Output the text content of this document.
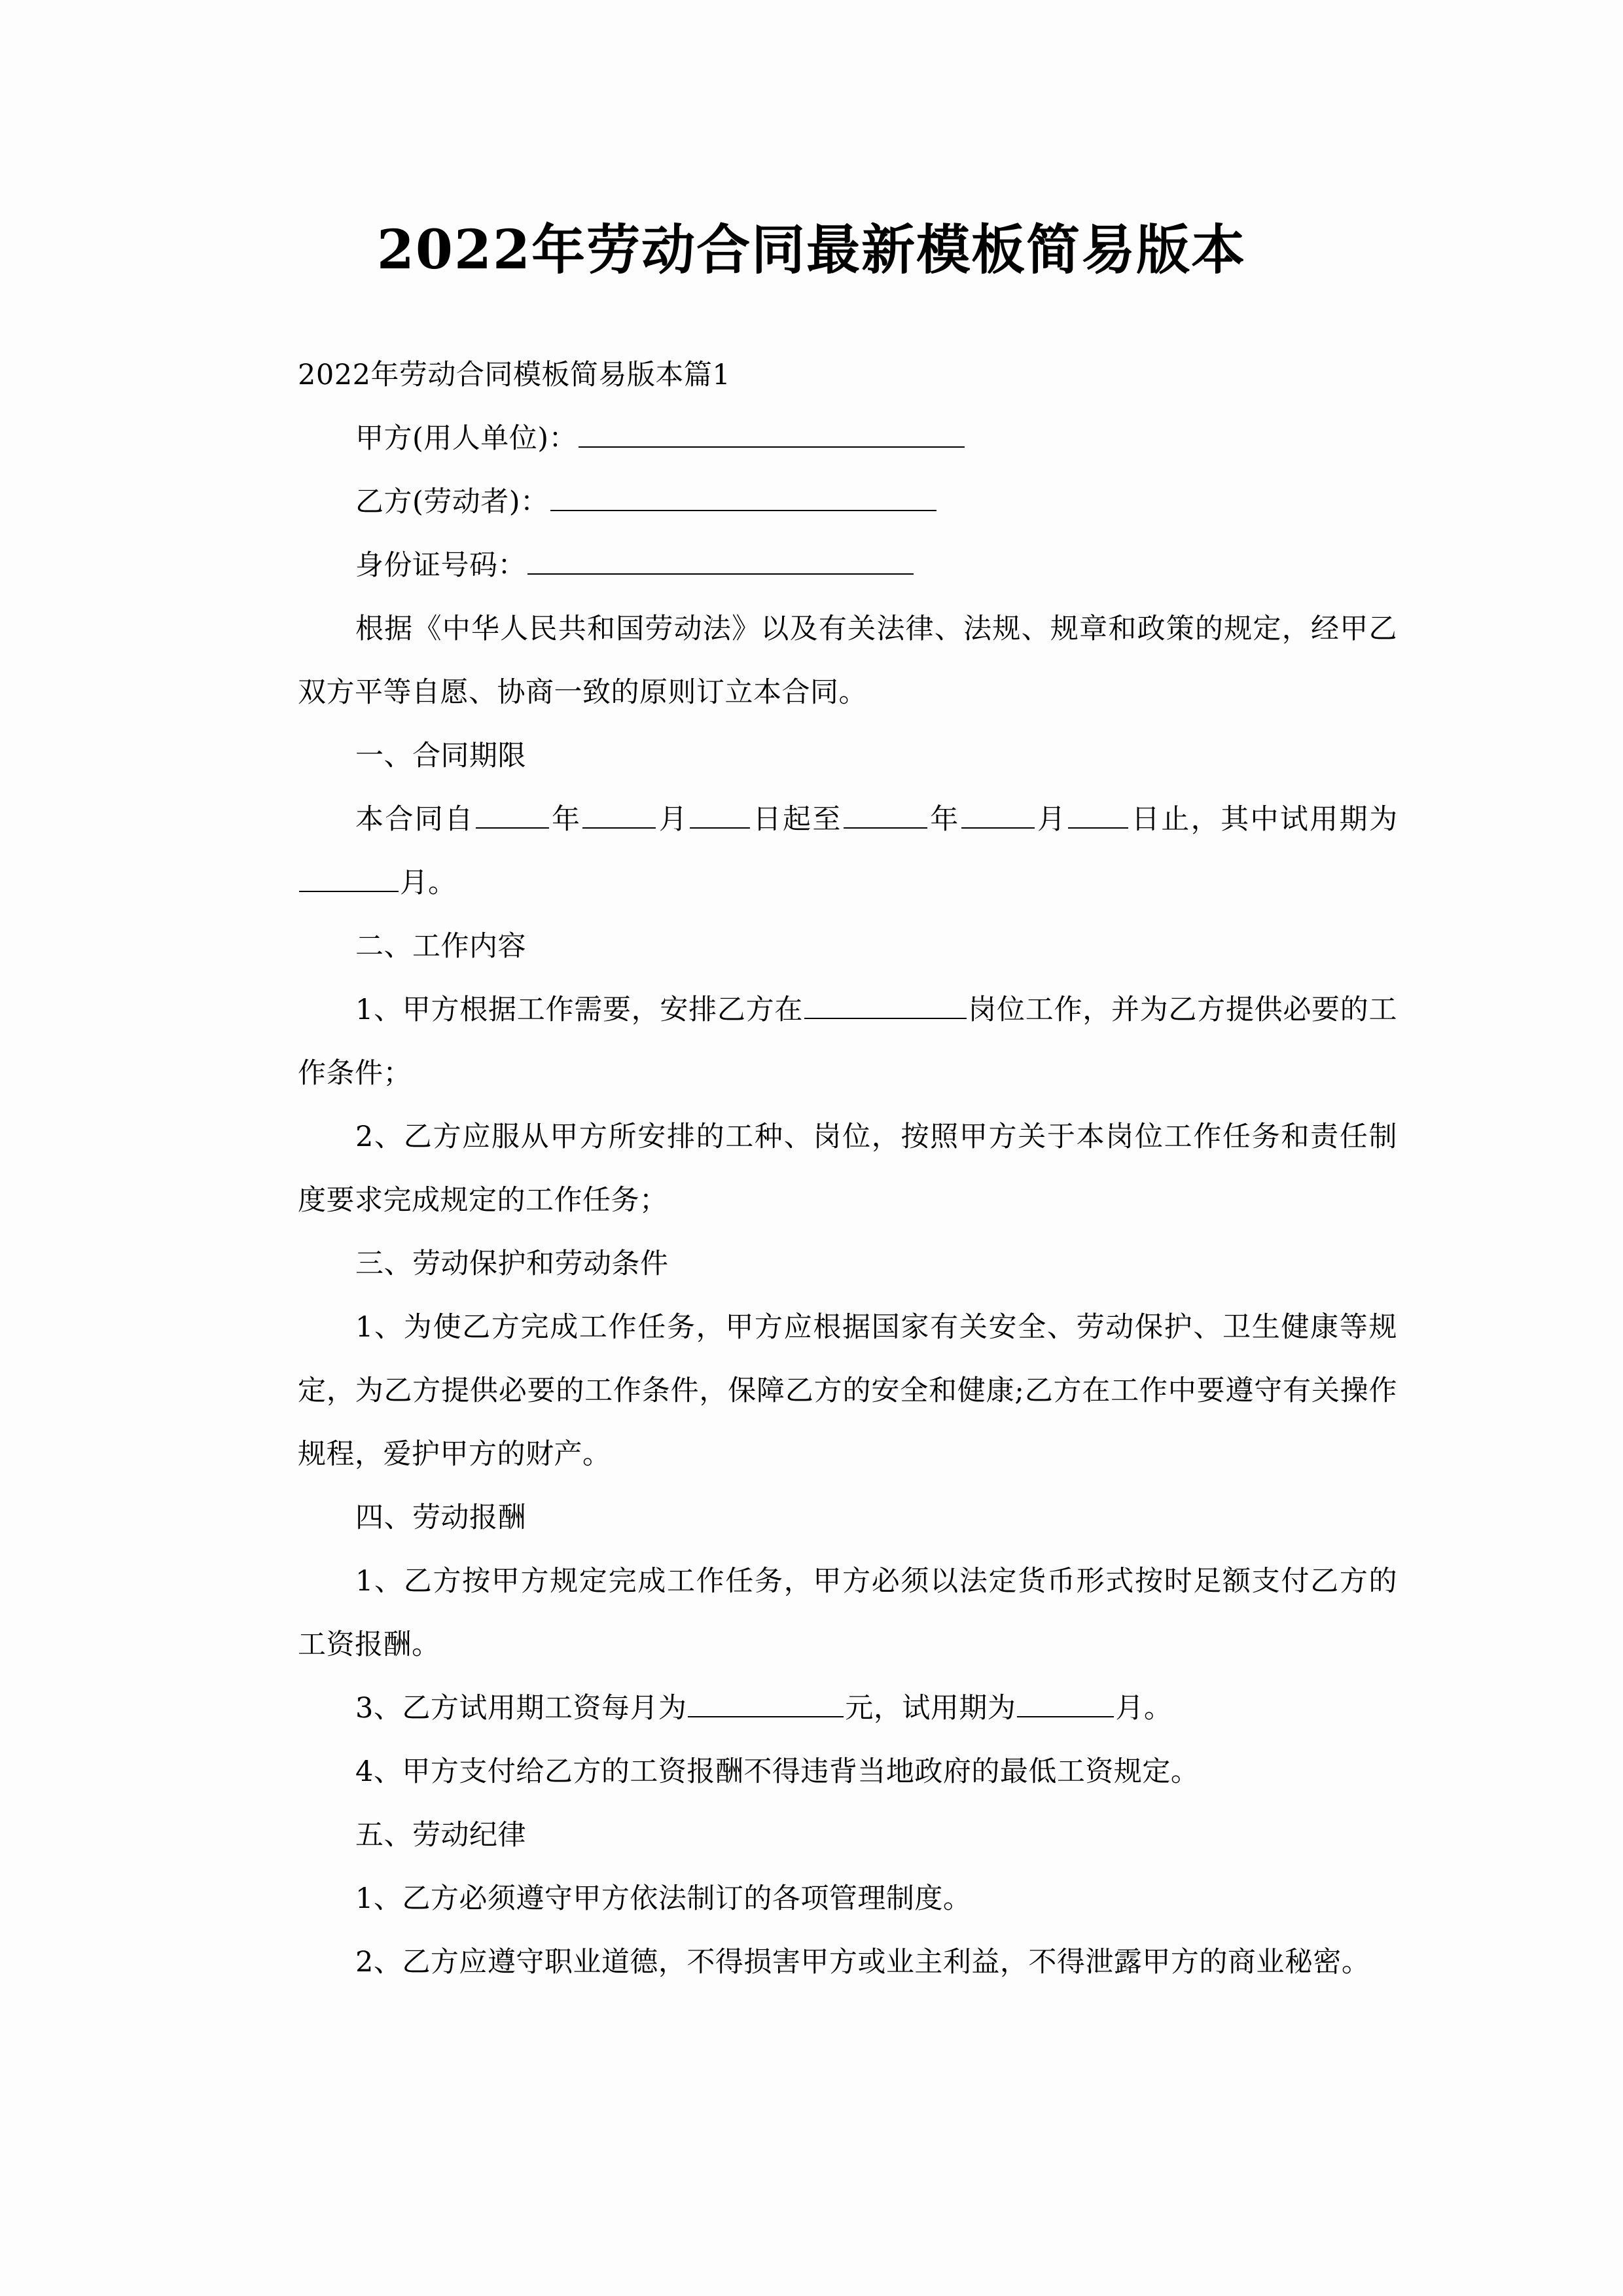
2022年劳动合同最新模板简易版本

2022年劳动合同模板简易版本篇1

甲方(用人单位)：

乙方(劳动者)：

身份证号码：

根据《中华人民共和国劳动法》以及有关法律、法规、规章和政策的规定，经甲乙双方平等自愿、协商一致的原则订立本合同。

一、合同期限

本合同自	年	月 日起至	年	月 日止，其中试用期为月。

二、工作内容

1、甲方根据工作需要，安排乙方在	岗位工作，并为乙方提供必要的工作条件；

2、乙方应服从甲方所安排的工种、岗位，按照甲方关于本岗位工作任务和责任制度要求完成规定的工作任务；

三、劳动保护和劳动条件

1、为使乙方完成工作任务，甲方应根据国家有关安全、劳动保护、卫生健康等规定，为乙方提供必要的工作条件，保障乙方的安全和健康;乙方在工作中要遵守有关操作规程，爱护甲方的财产。

四、劳动报酬

1、乙方按甲方规定完成工作任务，甲方必须以法定货币形式按时足额支付乙方的工资报酬。

3、乙方试用期工资每月为	元，试用期为	月。

4、甲方支付给乙方的工资报酬不得违背当地政府的最低工资规定。

五、劳动纪律

1、乙方必须遵守甲方依法制订的各项管理制度。

2、乙方应遵守职业道德，不得损害甲方或业主利益，不得泄露甲方的商业秘密。
